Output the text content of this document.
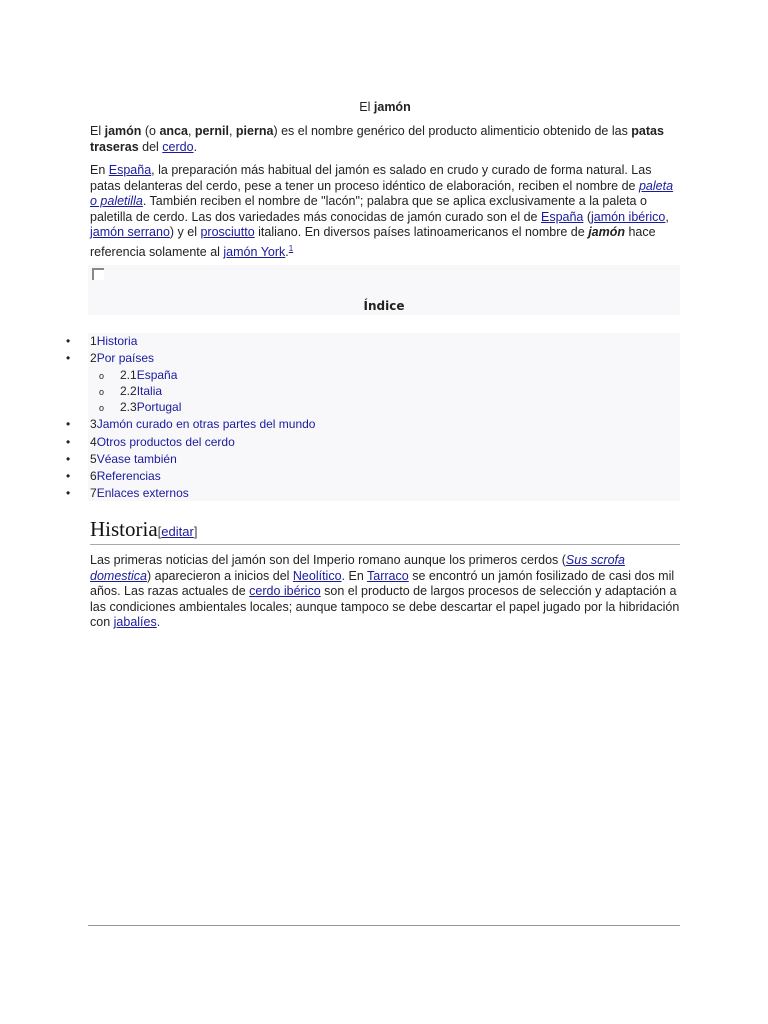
El jamón

El jamón (o anca, pernil, pierna) es el nombre genérico del producto alimenticio obtenido de las patas traseras del cerdo.

En España, la preparación más habitual del jamón es salado en crudo y curado de forma natural. Las patas delanteras del cerdo, pese a tener un proceso idéntico de elaboración, reciben el nombre de paleta o paletilla. También reciben el nombre de "lacón"; palabra que se aplica exclusivamente a la paleta o paletilla de cerdo. Las dos variedades más conocidas de jamón curado son el de España (jamón ibérico, jamón serrano) y el prosciutto italiano. En diversos países latinoamericanos el nombre de jamón hace referencia solamente al jamón York.$^1$

Índice
• 1Historia
• 2Por países
o 2.1España
o 2.2Italia
o 2.3Portugal
• 3Jamón curado en otras partes del mundo
• 4Otros productos del cerdo
• 5Véase también
• 6Referencias
• 7Enlaces externos
Historia[editar]

Las primeras noticias del jamón son del Imperio romano aunque los primeros cerdos (Sus scrofa domestica) aparecieron a inicios del Neolítico. En Tarraco se encontró un jamón fosilizado de casi dos mil años. Las razas actuales de cerdo ibérico son el producto de largos procesos de selección y adaptación a las condiciones ambientales locales; aunque tampoco se debe descartar el papel jugado por la hibridación con jabalíes.
